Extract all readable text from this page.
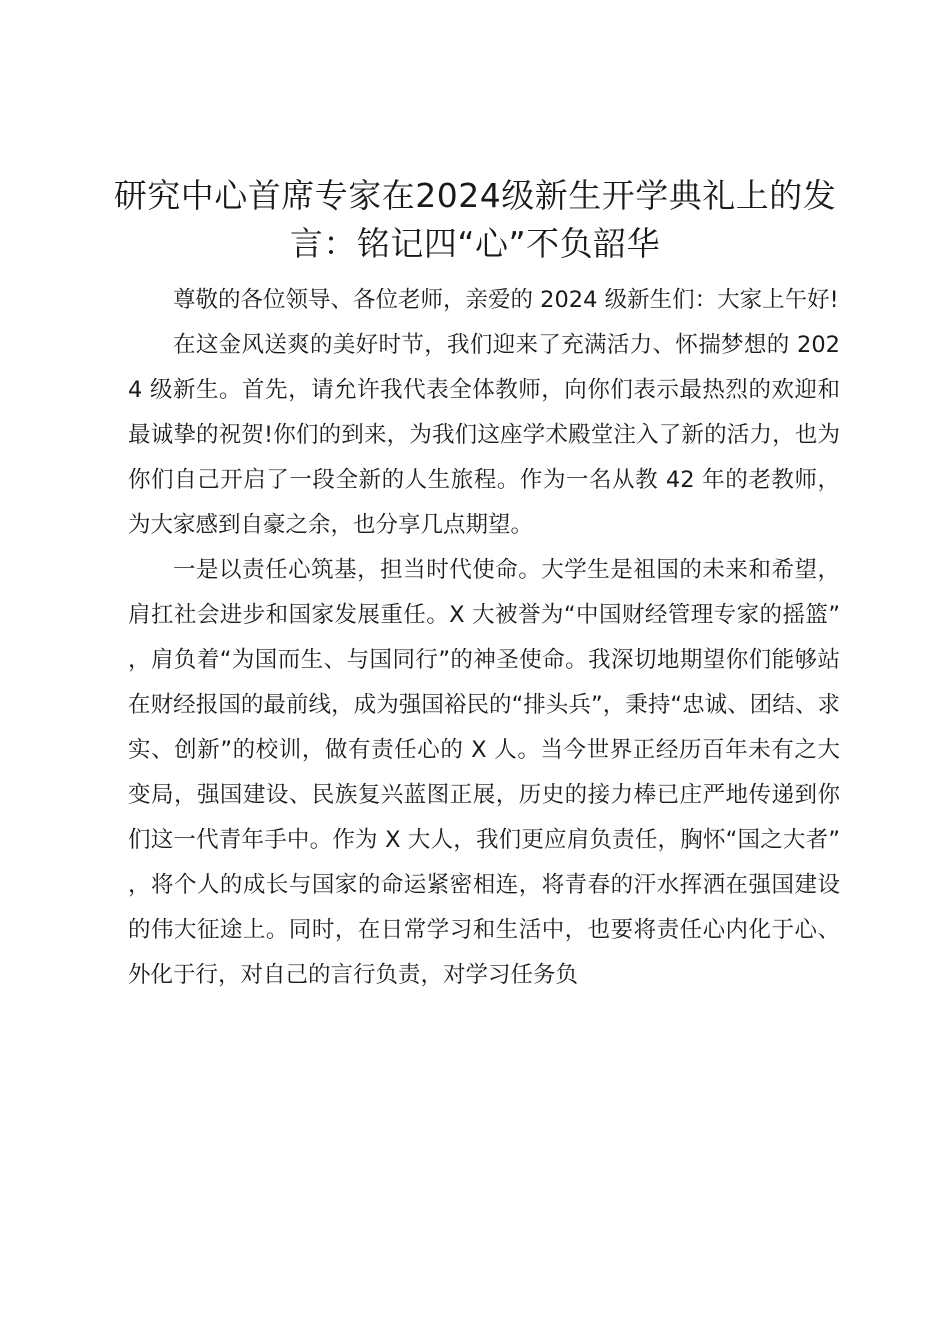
研究中心首席专家在2024级新生开学典礼上的发言：铭记四“心”不负韶华

尊敬的各位领导、各位老师，亲爱的 2024 级新生们：大家上午好!

在这金风送爽的美好时节，我们迎来了充满活力、怀揣梦想的 2024 级新生。首先，请允许我代表全体教师，向你们表示最热烈的欢迎和最诚挚的祝贺!你们的到来，为我们这座学术殿堂注入了新的活力，也为你们自己开启了一段全新的人生旅程。作为一名从教 42 年的老教师，为大家感到自豪之余，也分享几点期望。

一是以责任心筑基，担当时代使命。大学生是祖国的未来和希望，肩扛社会进步和国家发展重任。X 大被誉为“中国财经管理专家的摇篮”，肩负着“为国而生、与国同行”的神圣使命。我深切地期望你们能够站在财经报国的最前线，成为强国裕民的“排头兵”，秉持“忠诚、团结、求实、创新”的校训，做有责任心的 X 人。当今世界正经历百年未有之大变局，强国建设、民族复兴蓝图正展，历史的接力棒已庄严地传递到你们这一代青年手中。作为 X 大人，我们更应肩负责任，胸怀“国之大者”，将个人的成长与国家的命运紧密相连，将青春的汗水挥洒在强国建设的伟大征途上。同时，在日常学习和生活中，也要将责任心内化于心、外化于行，对自己的言行负责，对学习任务负
